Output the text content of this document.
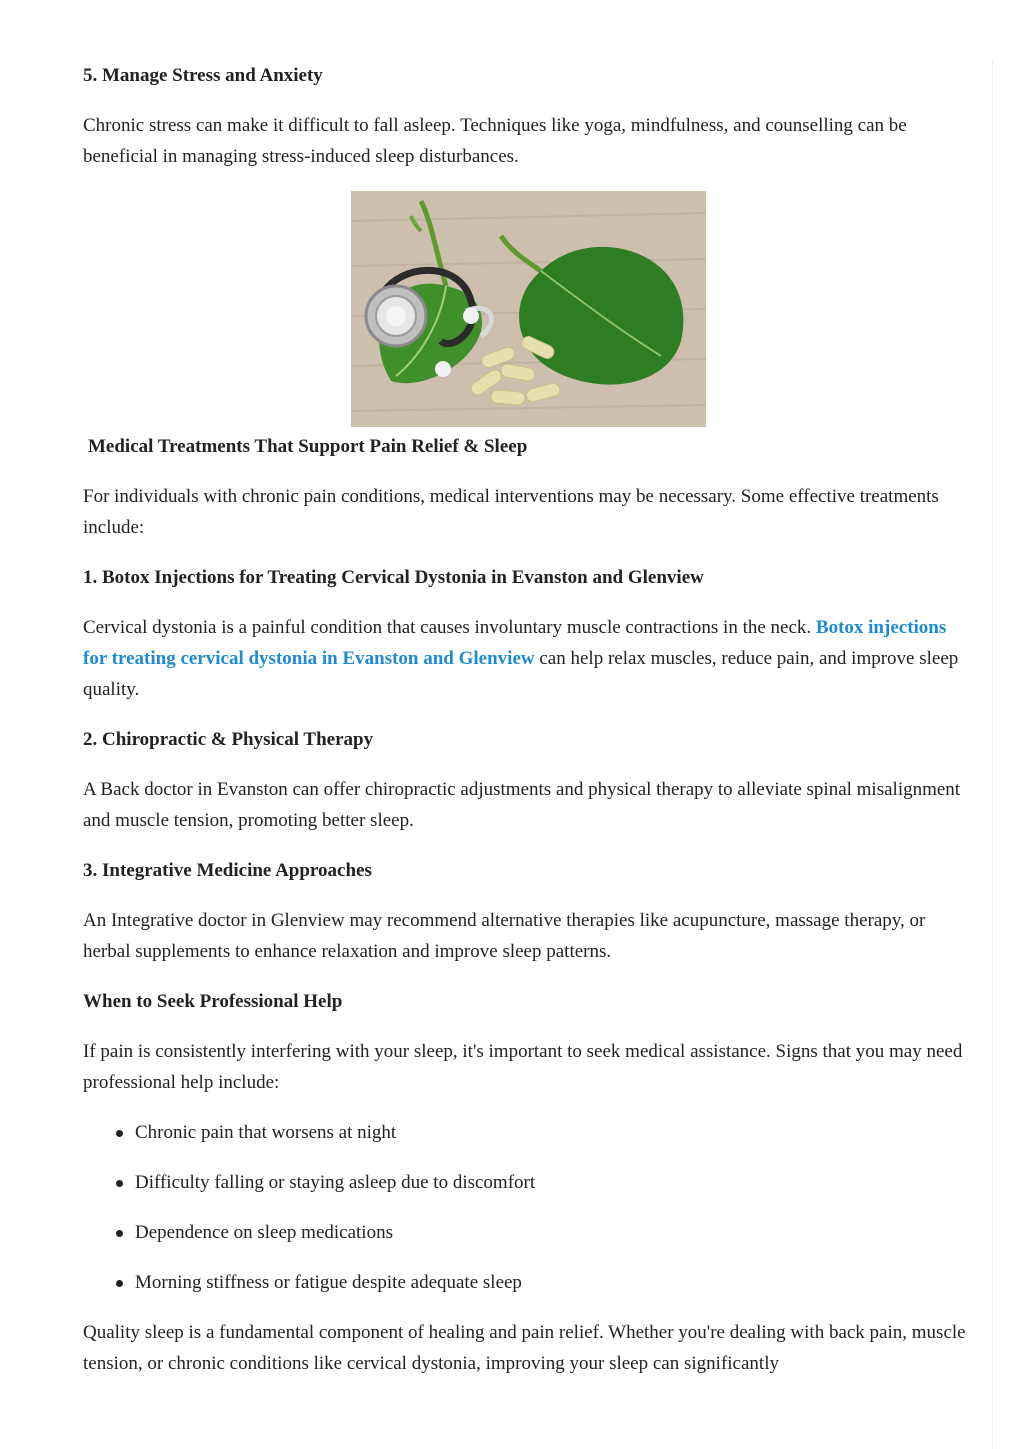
5. Manage Stress and Anxiety

Chronic stress can make it difficult to fall asleep. Techniques like yoga, mindfulness, and counselling can be beneficial in managing stress-induced sleep disturbances.

Medical Treatments That Support Pain Relief & Sleep

For individuals with chronic pain conditions, medical interventions may be necessary. Some effective treatments include:

1. Botox Injections for Treating Cervical Dystonia in Evanston and Glenview

Cervical dystonia is a painful condition that causes involuntary muscle contractions in the neck. Botox injections for treating cervical dystonia in Evanston and Glenview can help relax muscles, reduce pain, and improve sleep quality.

2. Chiropractic & Physical Therapy

A Back doctor in Evanston can offer chiropractic adjustments and physical therapy to alleviate spinal misalignment and muscle tension, promoting better sleep.

3. Integrative Medicine Approaches

An Integrative doctor in Glenview may recommend alternative therapies like acupuncture, massage therapy, or herbal supplements to enhance relaxation and improve sleep patterns.

When to Seek Professional Help

If pain is consistently interfering with your sleep, it's important to seek medical assistance. Signs that you may need professional help include:

Chronic pain that worsens at night
Difficulty falling or staying asleep due to discomfort
Dependence on sleep medications
Morning stiffness or fatigue despite adequate sleep

Quality sleep is a fundamental component of healing and pain relief. Whether you're dealing with back pain, muscle tension, or chronic conditions like cervical dystonia, improving your sleep can significantly
